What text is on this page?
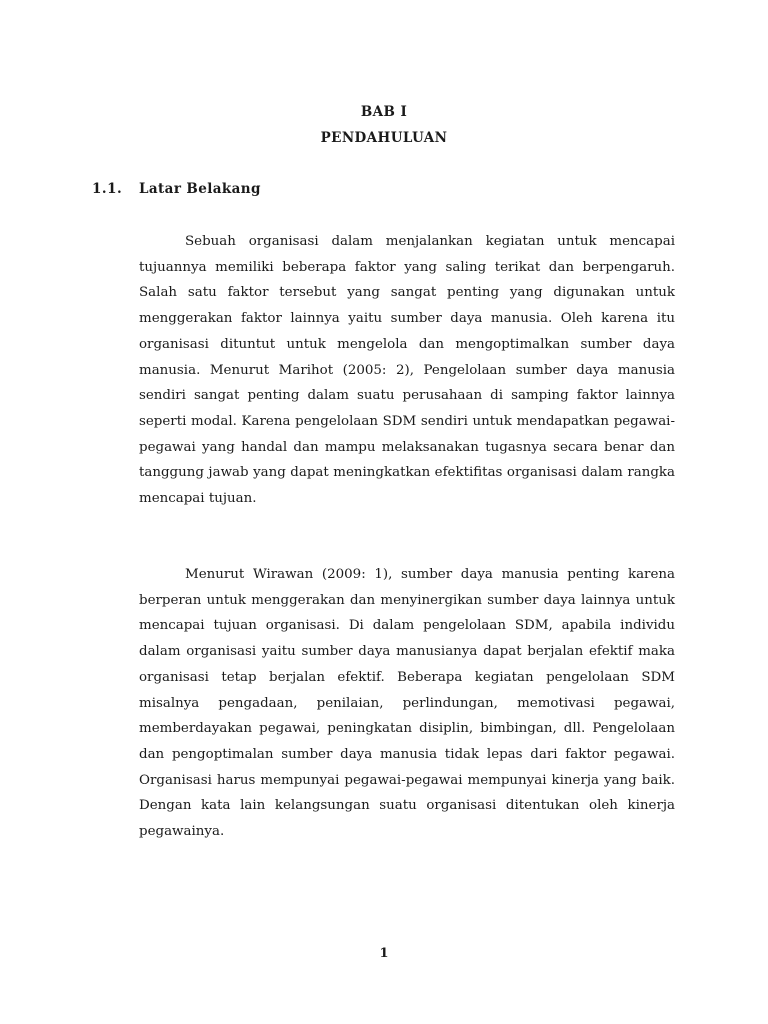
BAB I
PENDAHULUAN
1.1. Latar Belakang

Sebuah organisasi dalam menjalankan kegiatan untuk mencapai tujuannya memiliki beberapa faktor yang saling terikat dan berpengaruh. Salah satu faktor tersebut yang sangat penting yang digunakan untuk menggerakan faktor lainnya yaitu sumber daya manusia. Oleh karena itu organisasi dituntut untuk mengelola dan mengoptimalkan sumber daya manusia. Menurut Marihot (2005: 2), Pengelolaan sumber daya manusia sendiri sangat penting dalam suatu perusahaan di samping faktor lainnya seperti modal. Karena pengelolaan SDM sendiri untuk mendapatkan pegawai-pegawai yang handal dan mampu melaksanakan tugasnya secara benar dan tanggung jawab yang dapat meningkatkan efektifitas organisasi dalam rangka mencapai tujuan.

Menurut Wirawan (2009: 1), sumber daya manusia penting karena berperan untuk menggerakan dan menyinergikan sumber daya lainnya untuk mencapai tujuan organisasi. Di dalam pengelolaan SDM, apabila individu dalam organisasi yaitu sumber daya manusianya dapat berjalan efektif maka organisasi tetap berjalan efektif. Beberapa kegiatan pengelolaan SDM misalnya pengadaan, penilaian, perlindungan, memotivasi pegawai, memberdayakan pegawai, peningkatan disiplin, bimbingan, dll. Pengelolaan dan pengoptimalan sumber daya manusia tidak lepas dari faktor pegawai. Organisasi harus mempunyai pegawai-pegawai mempunyai kinerja yang baik. Dengan kata lain kelangsungan suatu organisasi ditentukan oleh kinerja pegawainya.

1
